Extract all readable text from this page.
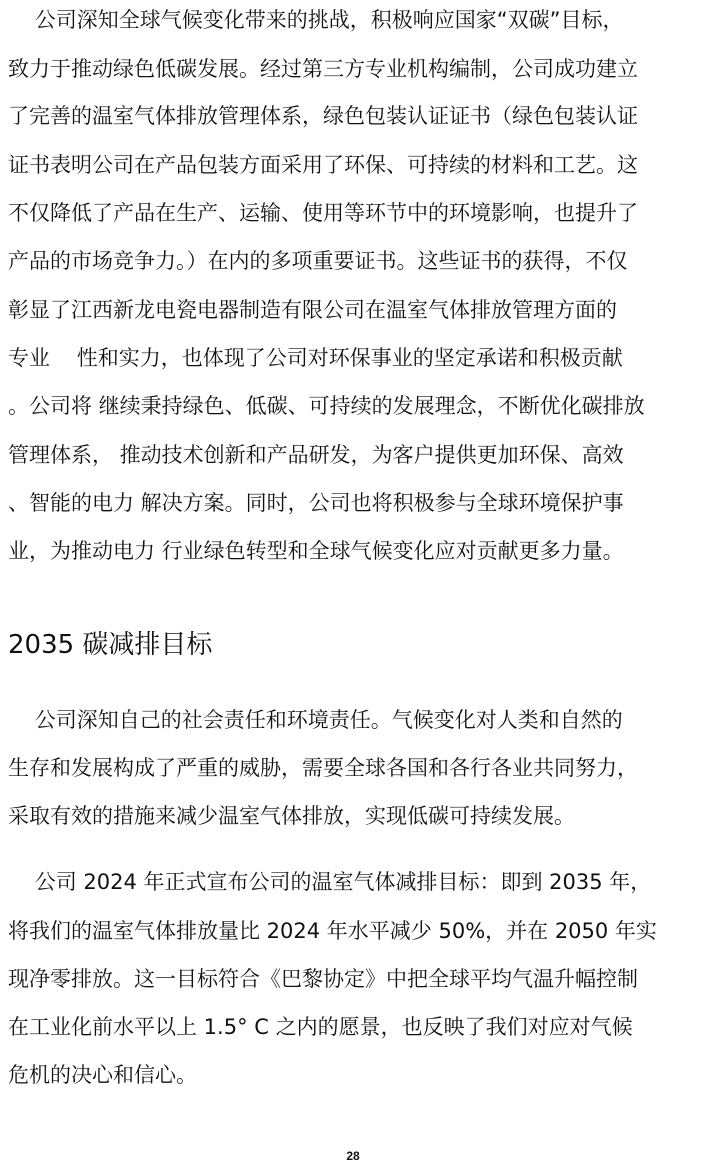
公司深知全球气候变化带来的挑战，积极响应国家“双碳”目标，
致力于推动绿色低碳发展。经过第三方专业机构编制，公司成功建立
了完善的温室气体排放管理体系，绿色包装认证证书（绿色包装认证
证书表明公司在产品包装方面采用了环保、可持续的材料和工艺。这
不仅降低了产品在生产、运输、使用等环节中的环境影响，也提升了
产品的市场竞争力。）在内的多项重要证书。这些证书的获得，不仅
彰显了江西新龙电瓷电器制造有限公司在温室气体排放管理方面的
专业    性和实力，也体现了公司对环保事业的坚定承诺和积极贡献
。公司将 继续秉持绿色、低碳、可持续的发展理念，不断优化碳排放
管理体系， 推动技术创新和产品研发，为客户提供更加环保、高效
、智能的电力 解决方案。同时，公司也将积极参与全球环境保护事
业，为推动电力 行业绿色转型和全球气候变化应对贡献更多力量。
2035 碳减排目标
公司深知自己的社会责任和环境责任。气候变化对人类和自然的
生存和发展构成了严重的威胁，需要全球各国和各行各业共同努力，
采取有效的措施来减少温室气体排放，实现低碳可持续发展。
公司 2024 年正式宣布公司的温室气体减排目标：即到 2035 年，
将我们的温室气体排放量比 2024 年水平减少 50%，并在 2050 年实
现净零排放。这一目标符合《巴黎协定》中把全球平均气温升幅控制
在工业化前水平以上 1.5° C 之内的愿景，也反映了我们对应对气候
危机的决心和信心。
28
